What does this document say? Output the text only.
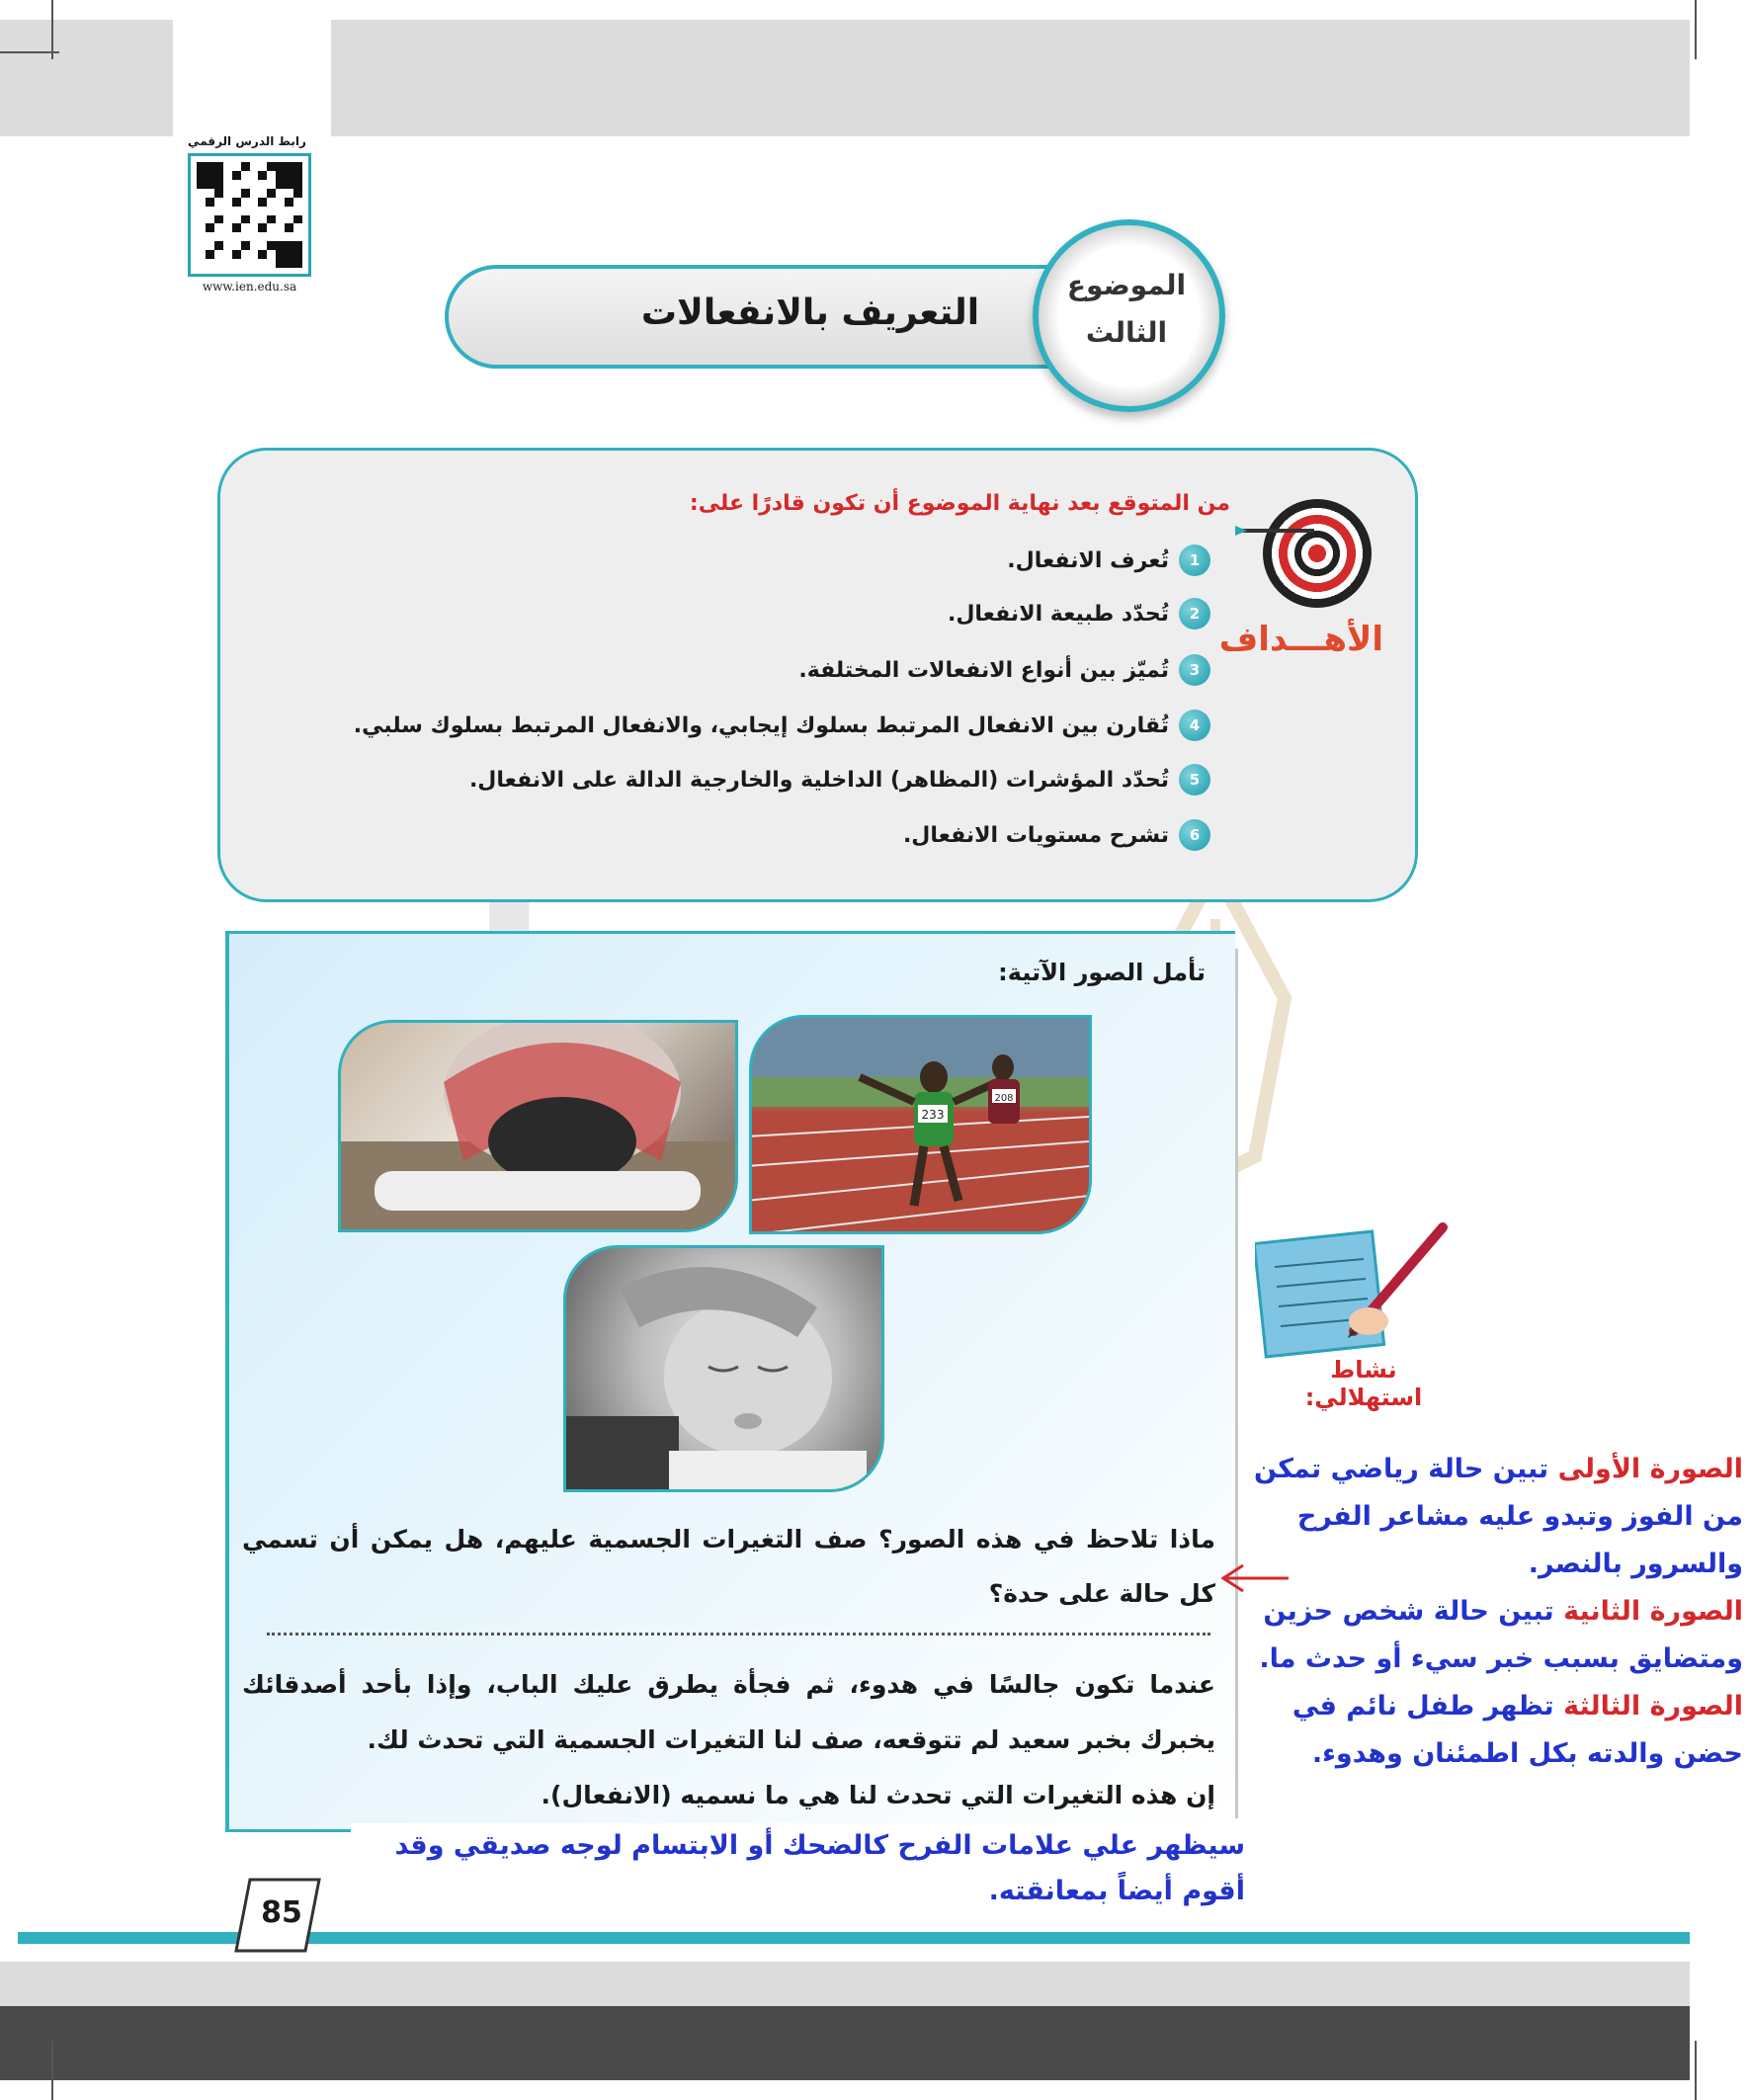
رابط الدرس الرقمي
www.ien.edu.sa
التعريف بالانفعالات
الموضوع
الثالث
من المتوقع بعد نهاية الموضوع أن تكون قادرًا على:
1
تُعرف الانفعال.
2
تُحدّد طبيعة الانفعال.
3
تُميّز بين أنواع الانفعالات المختلفة.
4
تُقارن بين الانفعال المرتبط بسلوك إيجابي، والانفعال المرتبط بسلوك سلبي.
5
تُحدّد المؤشرات (المظاهر) الداخلية والخارجية الدالة على الانفعال.
6
تشرح مستويات الانفعال.
الأهـــداف
تأمل الصور الآتية:
233
208
ماذا تلاحظ في هذه الصور؟ صف التغيرات الجسمية عليهم، هل يمكن أن تسمي كل حالة على حدة؟
عندما تكون جالسًا في هدوء، ثم فجأة يطرق عليك الباب، وإذا بأحد أصدقائك يخبرك بخبر سعيد لم تتوقعه، صف لنا التغيرات الجسمية التي تحدث لك.
إن هذه التغيرات التي تحدث لنا هي ما نسميه (الانفعال).
سيظهر علي علامات الفرح كالضحك أو الابتسام لوجه صديقي وقد أقوم أيضاً بمعانقته.
نشاط استهلالي:
الصورة الأولى تبين حالة رياضي تمكن من الفوز وتبدو عليه مشاعر الفرح والسرور بالنصر.
الصورة الثانية تبين حالة شخص حزين ومتضايق بسبب خبر سيء أو حدث ما.
الصورة الثالثة تظهر طفل نائم في حضن والدته بكل اطمئنان وهدوء.
85
